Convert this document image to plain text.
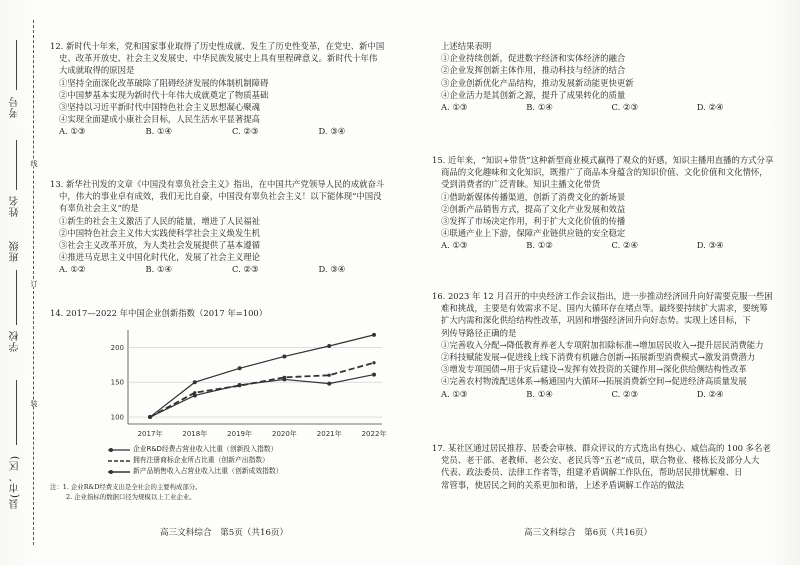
考号
姓名
班级
学校
县(市、区)
线
订
装

12. 新时代十年来，党和国家事业取得了历史性成就、发生了历史性变革，在党史、新中国

史、改革开放史、社会主义发展史、中华民族发展史上具有里程碑意义。新时代十年伟

大成就取得的原因是

①坚持全面深化改革破除了阻碍经济发展的体制机制障碍

②中国梦基本实现为新时代十年伟大成就奠定了物质基础

③坚持以习近平新时代中国特色社会主义思想凝心聚魂

④实现全面建成小康社会目标，人民生活水平显著提高

A. ①③	B. ①④	C. ②③	D. ③④

13. 新华社刊发的文章《中国没有辜负社会主义》指出，在中国共产党领导人民的成就奋斗

中，伟大的事业卓有成效，我们无比自豪，中国没有辜负社会主义！以下能体现“中国没

有辜负社会主义”的是

①新生的社会主义激活了人民的能量，增进了人民福祉

②中国特色社会主义伟大实践使科学社会主义焕发生机

③社会主义改革开放，为人类社会发展提供了基本遵循

④推进马克思主义中国化时代化，发展了社会主义理论

A. ①②	B. ①④	C. ②③	D. ③④

14. 2017—2022 年中国企业创新指数（2017 年=100）

100
150
200
2017年	2018年	2019年	2020年	2021年	2022年
企业R&D经费占营业收入比重（创新投入指数）
拥有注册商标企业所占比重（创新产出指数）
新产品销售收入占营业收入比重（创新成效指数）
注：1. 企业R&D经费支出是全社会的主要构成部分。
2. 企业指标的数据口径为规模以上工业企业。
高三文科综合　第5页（共16页）

上述结果表明

①企业持续创新，促进数字经济和实体经济的融合

②企业发挥创新主体作用，推动科技与经济的结合

③企业创新优化产品结构，推动发展新动能更快更新

④企业活力是其创新之源，提升了成果转化的质量

A. ①③	B. ①④	C. ②③	D. ②④

15. 近年来，“知识+带货”这种新型商业模式赢得了观众的好感，知识主播用直播的方式分享

商品的文化趣味和文化知识，既推广了商品本身蕴含的知识价值、文化价值和文化情怀，

受到消费者的广泛青睐。知识主播文化带货

①借助新媒体传播渠道，创新了消费文化的新场景

②创新产品销售方式，提高了文化产业发展和效益

③发挥了市场决定作用，利于扩大文化价值的传播

④联通产业上下游，保障产业链供应链的安全稳定

A. ①③	B. ①②	C. ②④	D. ③④

16. 2023 年 12 月召开的中央经济工作会议指出，进一步推动经济回升向好需要克服一些困

难和挑战，主要是有效需求不足、国内大循环存在堵点等。最终要持续扩大需求，要统筹

扩大内需和深化供给结构性改革，巩固和增强经济回升向好态势。实现上述目标，下

列传导路径正确的是

①完善收入分配→降低教育养老人专项附加扣除标准→增加居民收入→提升居民消费能力

②科技赋能发展→促进线上线下消费有机融合创新→拓展新型消费模式→激发消费潜力

③增发专项国债→用于灾后建设→发挥有效投资的关键作用→深化供给侧结构性改革

④完善农村物流配送体系→畅通国内大循环→拓展消费新空间→促进经济高质量发展

A. ①③	B. ①④	C. ②③	D. ②④

17. 某社区通过居民推荐、居委会审核、群众评议的方式选出有热心、威信高的 100 多名老

党员、老干部、老教师、老公安、老民兵等“五老”成员，联合物业、楼栋长及部分人大

代表、政法委员、法律工作者等，组建矛盾调解工作队伍，帮助居民排忧解难、日

常管事，使居民之间的关系更加和谐，上述矛盾调解工作站的做法

高三文科综合　第6页（共16页）
